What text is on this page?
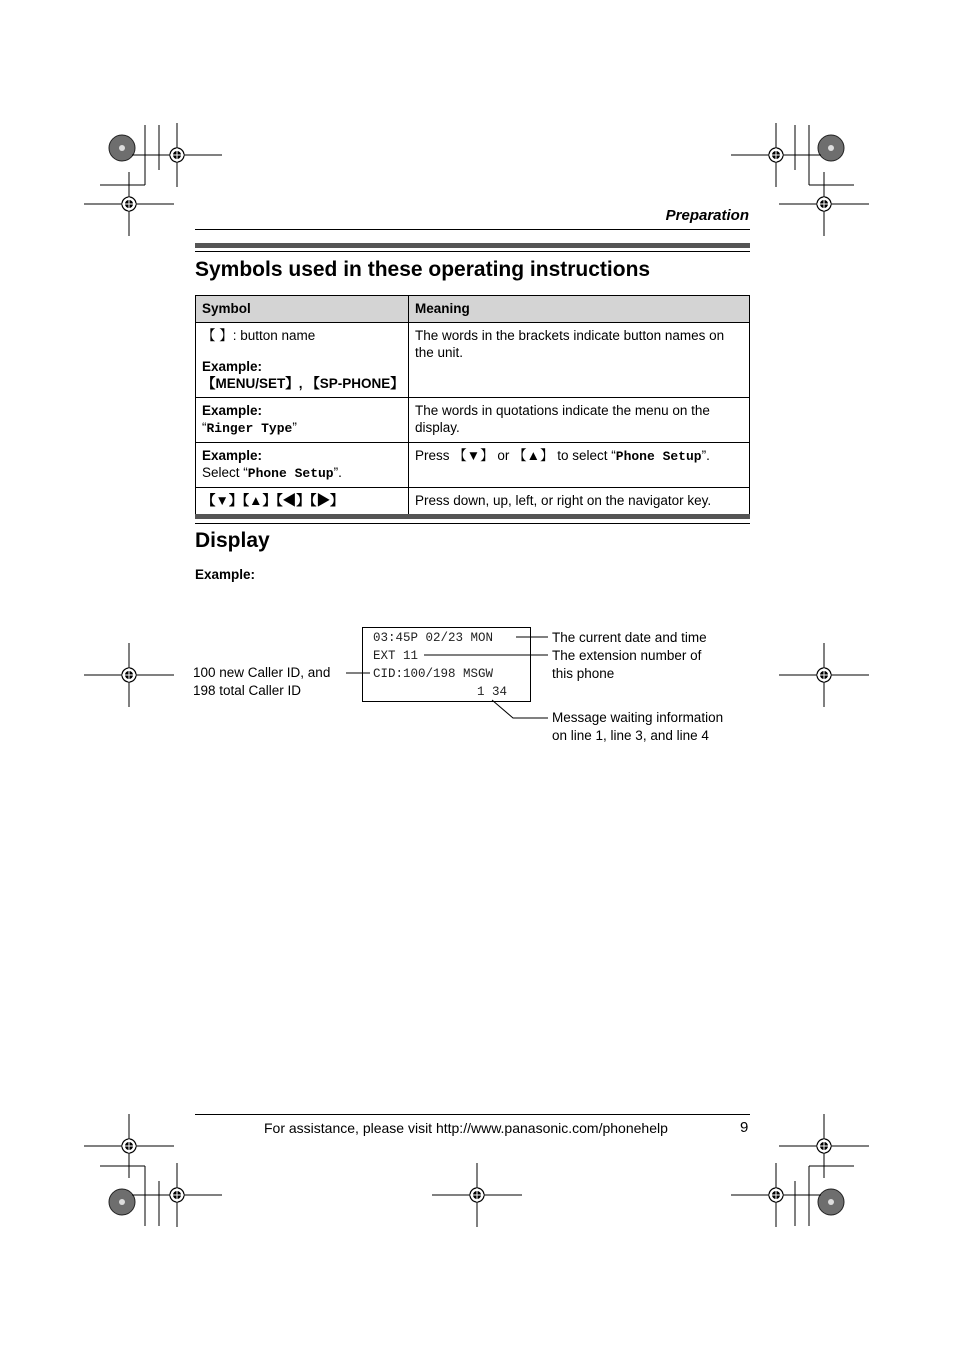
Preparation
Symbols used in these operating instructions
Symbol	Meaning

【 】: button name
Example:
【MENU/SET】, 【SP-PHONE】	The words in the brackets indicate button names on the unit.

Example:
“Ringer Type”	The words in quotations indicate the menu on the display.

Example:
Select “Phone Setup”.	Press 【▼】 or 【▲】 to select “Phone Setup”.
【▼】【▲】【◀】【▶】	Press down, up, left, or right on the navigator key.
Display
Example:
03:45P 02/23 MON
EXT 11
CID:100/198 MSGW
1 34
100 new Caller ID, and
198 total Caller ID
The current date and time
The extension number of
this phone
Message waiting information
on line 1, line 3, and line 4
For assistance, please visit http://www.panasonic.com/phonehelp	9
